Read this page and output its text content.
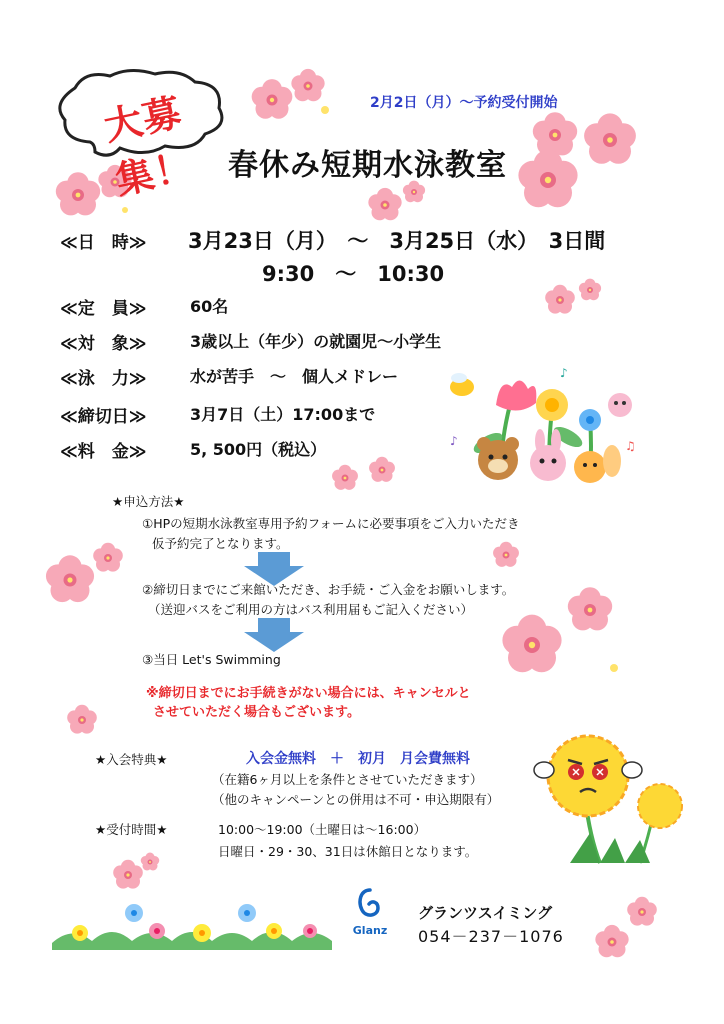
大募集！
2月2日（月）～予約受付開始
春休み短期水泳教室
≪日　時≫ 3月23日（月）　～　3月25日（水）　3日間
9:30　～　10:30
≪定　員≫	60名
≪対　象≫	3歳以上（年少）の就園児～小学生
≪泳　力≫	水が苦手　～　個人メドレー
≪締切日≫	3月7日（土）17:00まで
≪料　金≫	5, 500円（税込）	♪
♪
♫
★申込方法★
①HPの短期水泳教室専用予約フォームに必要事項をご入力いただき
仮予約完了となります。
②締切日までにご来館いただき、お手続・ご入金をお願いします。
（送迎バスをご利用の方はバス利用届もご記入ください）
③当日 Let's Swimming
※締切日までにお手続きがない場合には、キャンセルと
させていただく場合もございます。
★入会特典★	入会金無料　＋　初月　月会費無料
（在籍6ヶ月以上を条件とさせていただきます）
（他のキャンペーンとの併用は不可・申込期限有）
★受付時間★	10:00～19:00（土曜日は～16:00）
日曜日・29・30、31日は休館日となります。
Glanz
グランツスイミング
054－237－1076
